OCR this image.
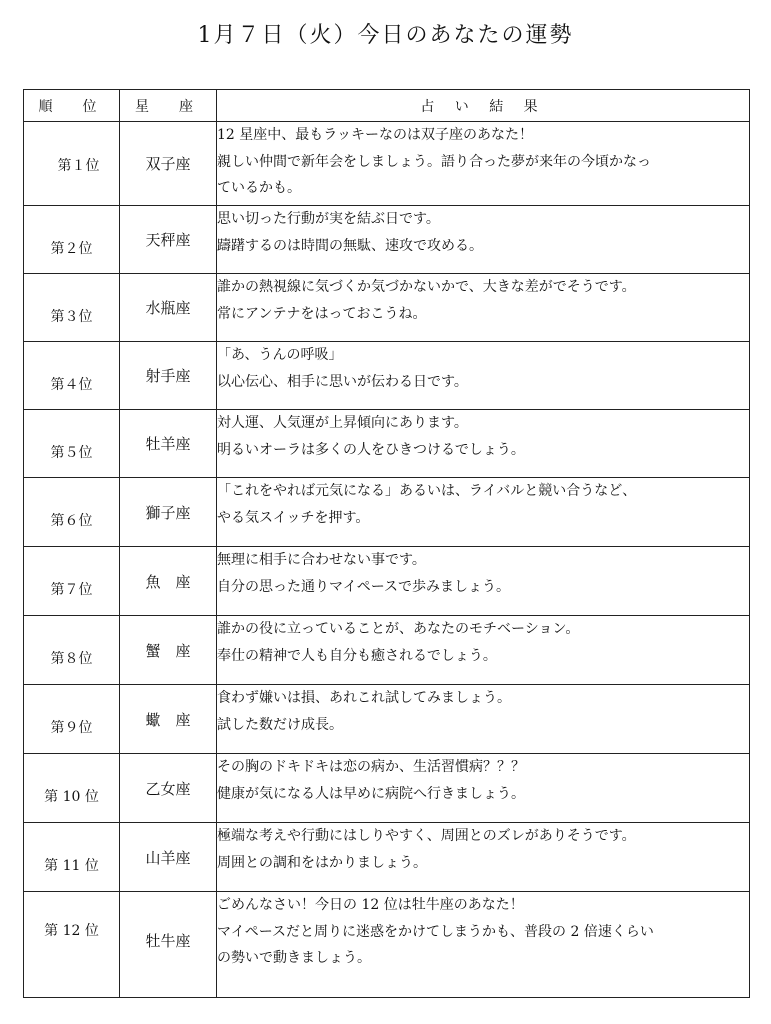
1月７日（火）今日のあなたの運勢
順　位	星　座	占 い 結 果

第１位	双子座	12 星座中、最もラッキーなのは双子座のあなた！
親しい仲間で新年会をしましょう。語り合った夢が来年の今頃かなっ
ているかも。

第２位	天秤座	思い切った行動が実を結ぶ日です。
躊躇するのは時間の無駄、速攻で攻める。

第３位	水瓶座	誰かの熱視線に気づくか気づかないかで、大きな差がでそうです。
常にアンテナをはっておこうね。

第４位	射手座	「あ、うんの呼吸」
以心伝心、相手に思いが伝わる日です。

第５位	牡羊座	対人運、人気運が上昇傾向にあります。
明るいオーラは多くの人をひきつけるでしょう。

第６位	獅子座	「これをやれば元気になる」あるいは、ライバルと競い合うなど、
やる気スイッチを押す。

第７位	魚　座	無理に相手に合わせない事です。
自分の思った通りマイペースで歩みましょう。

第８位	蟹　座	誰かの役に立っていることが、あなたのモチベーション。
奉仕の精神で人も自分も癒されるでしょう。

第９位	蠍　座	食わず嫌いは損、あれこれ試してみましょう。
試した数だけ成長。

第 10 位	乙女座	その胸のドキドキは恋の病か、生活習慣病？？？
健康が気になる人は早めに病院へ行きましょう。

第 11 位	山羊座	極端な考えや行動にはしりやすく、周囲とのズレがありそうです。
周囲との調和をはかりましょう。

第 12 位	牡牛座	ごめんなさい！今日の 12 位は牡牛座のあなた！
マイペースだと周りに迷惑をかけてしまうかも、普段の 2 倍速くらい
の勢いで動きましょう。
